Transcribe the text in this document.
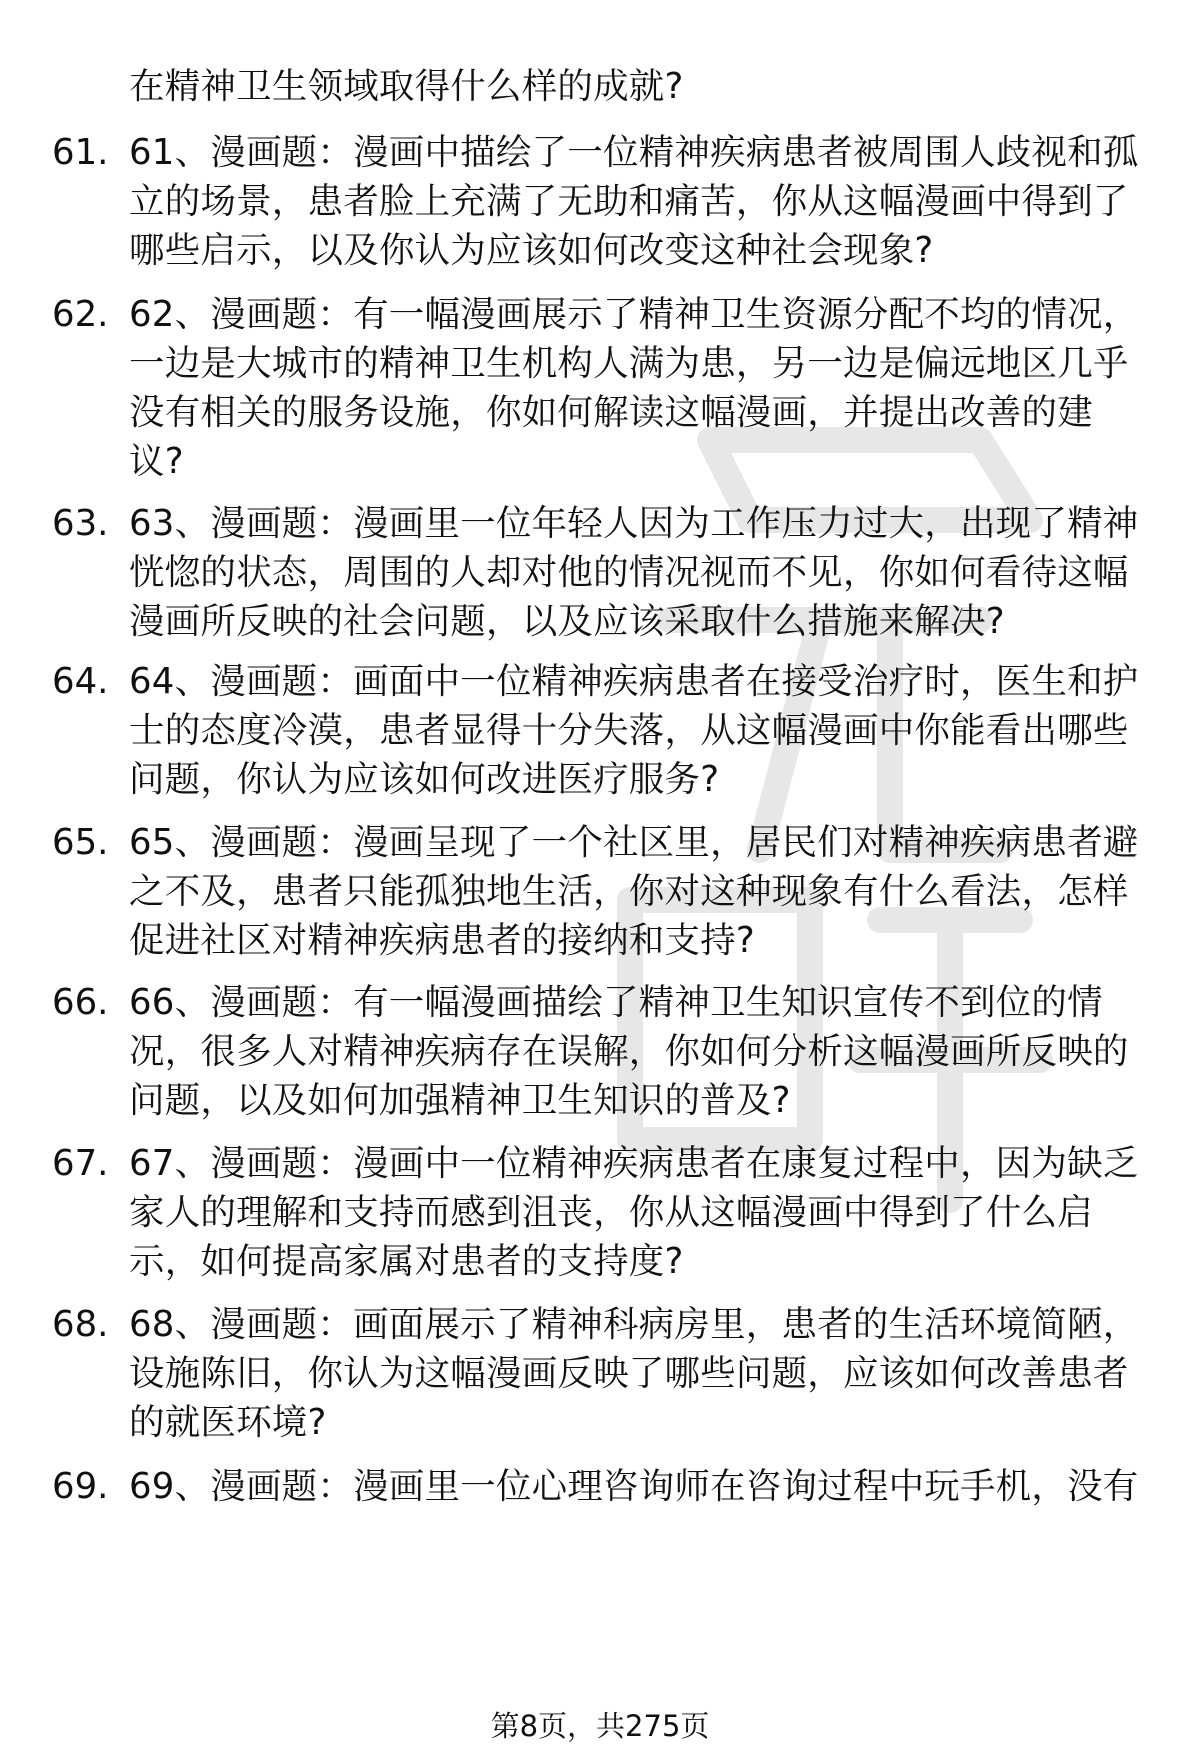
在精神卫生领域取得什么样的成就?
61. 61、漫画题：漫画中描绘了一位精神疾病患者被周围人歧视和孤
立的场景，患者脸上充满了无助和痛苦，你从这幅漫画中得到了
哪些启示，以及你认为应该如何改变这种社会现象?
62. 62、漫画题：有一幅漫画展示了精神卫生资源分配不均的情况，
一边是大城市的精神卫生机构人满为患，另一边是偏远地区几乎
没有相关的服务设施，你如何解读这幅漫画，并提出改善的建
议?
63. 63、漫画题：漫画里一位年轻人因为工作压力过大，出现了精神
恍惚的状态，周围的人却对他的情况视而不见，你如何看待这幅
漫画所反映的社会问题，以及应该采取什么措施来解决?
64. 64、漫画题：画面中一位精神疾病患者在接受治疗时，医生和护
士的态度冷漠，患者显得十分失落，从这幅漫画中你能看出哪些
问题，你认为应该如何改进医疗服务?
65. 65、漫画题：漫画呈现了一个社区里，居民们对精神疾病患者避
之不及，患者只能孤独地生活，你对这种现象有什么看法，怎样
促进社区对精神疾病患者的接纳和支持?
66. 66、漫画题：有一幅漫画描绘了精神卫生知识宣传不到位的情
况，很多人对精神疾病存在误解，你如何分析这幅漫画所反映的
问题，以及如何加强精神卫生知识的普及?
67. 67、漫画题：漫画中一位精神疾病患者在康复过程中，因为缺乏
家人的理解和支持而感到沮丧，你从这幅漫画中得到了什么启
示，如何提高家属对患者的支持度?
68. 68、漫画题：画面展示了精神科病房里，患者的生活环境简陋，
设施陈旧，你认为这幅漫画反映了哪些问题，应该如何改善患者
的就医环境?
69. 69、漫画题：漫画里一位心理咨询师在咨询过程中玩手机，没有
第8页，共275页
